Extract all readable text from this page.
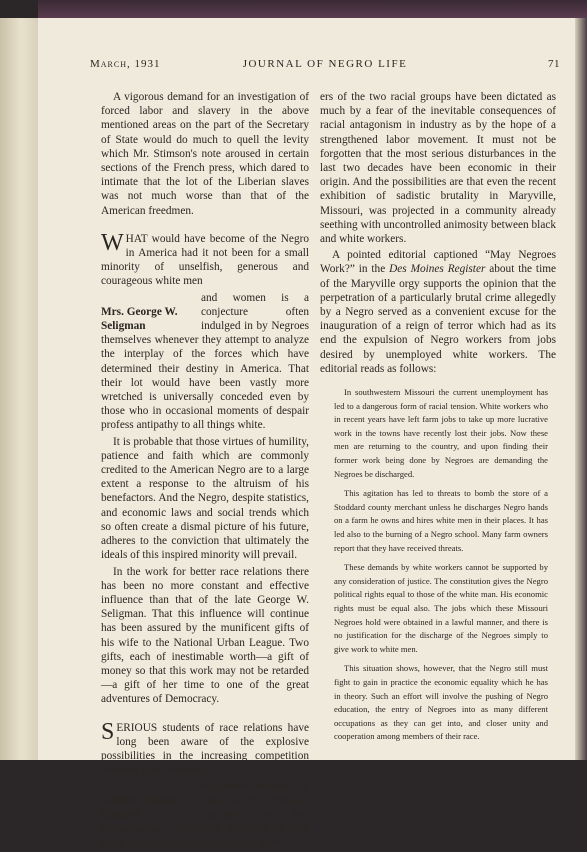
March, 1931	JOURNAL OF NEGRO LIFE	71

A vigorous demand for an investigation of forced labor and slavery in the above mentioned areas on the part of the Secretary of State would do much to quell the levity which Mr. Stimson's note aroused in certain sections of the French press, which dared to intimate that the lot of the Liberian slaves was not much worse than that of the American freedmen.

WHAT would have become of the Negro in America had it not been for a small minority of unselfish, generous and courageous white men

Mrs. George W. Seligman

and women is a conjecture often indulged in by Negroes themselves whenever they attempt to analyze the interplay of the forces which have determined their destiny in America. That their lot would have been vastly more wretched is universally conceded even by those who in occasional moments of despair profess antipathy to all things white.

It is probable that those virtues of humility, patience and faith which are commonly credited to the American Negro are to a large extent a response to the altruism of his benefactors. And the Negro, despite statistics, and economic laws and social trends which so often create a dismal picture of his future, adheres to the conviction that ultimately the ideals of this inspired minority will prevail.

In the work for better race relations there has been no more constant and effective influence than that of the late George W. Seligman. That this influence will continue has been assured by the munificent gifts of his wife to the National Urban League. Two gifts, each of inestimable worth—a gift of money so that this work may not be retarded—a gift of her time to one of the great adventures of Democracy.

SERIOUS students of race relations have long been aware of the explosive possibilities in the increasing competition between black workers

Causes of Racial Conflict

and white workers for jobs. And the efforts on the part of not a few far-seeing and intelligent members of both races for closer union between the work-

ers of the two racial groups have been dictated as much by a fear of the inevitable consequences of racial antagonism in industry as by the hope of a strengthened labor movement. It must not be forgotten that the most serious disturbances in the last two decades have been economic in their origin. And the possibilities are that even the recent exhibition of sadistic brutality in Maryville, Missouri, was projected in a community already seething with uncontrolled animosity between black and white workers.

A pointed editorial captioned “May Negroes Work?” in the Des Moines Register about the time of the Maryville orgy supports the opinion that the perpetration of a particularly brutal crime allegedly by a Negro served as a convenient excuse for the inauguration of a reign of terror which had as its end the expulsion of Negro workers from jobs desired by unemployed white workers. The editorial reads as follows:

In southwestern Missouri the current unemployment has led to a dangerous form of racial tension. White workers who in recent years have left farm jobs to take up more lucrative work in the towns have recently lost their jobs. Now these men are returning to the country, and upon finding their former work being done by Negroes are demanding the Negroes be discharged.

This agitation has led to threats to bomb the store of a Stoddard county merchant unless he discharges Negro hands on a farm he owns and hires white men in their places. It has led also to the burning of a Negro school. Many farm owners report that they have received threats.

These demands by white workers cannot be supported by any consideration of justice. The constitution gives the Negro political rights equal to those of the white man. His economic rights must be equal also. The jobs which these Missouri Negroes hold were obtained in a lawful manner, and there is no justification for the discharge of the Negroes simply to give work to white men.

This situation shows, however, that the Negro still must fight to gain in practice the economic equality which he has in theory. Such an effort will involve the pushing of Negro education, the entry of Negroes into as many different occupations as they can get into, and closer unity and cooperation among members of their race.
